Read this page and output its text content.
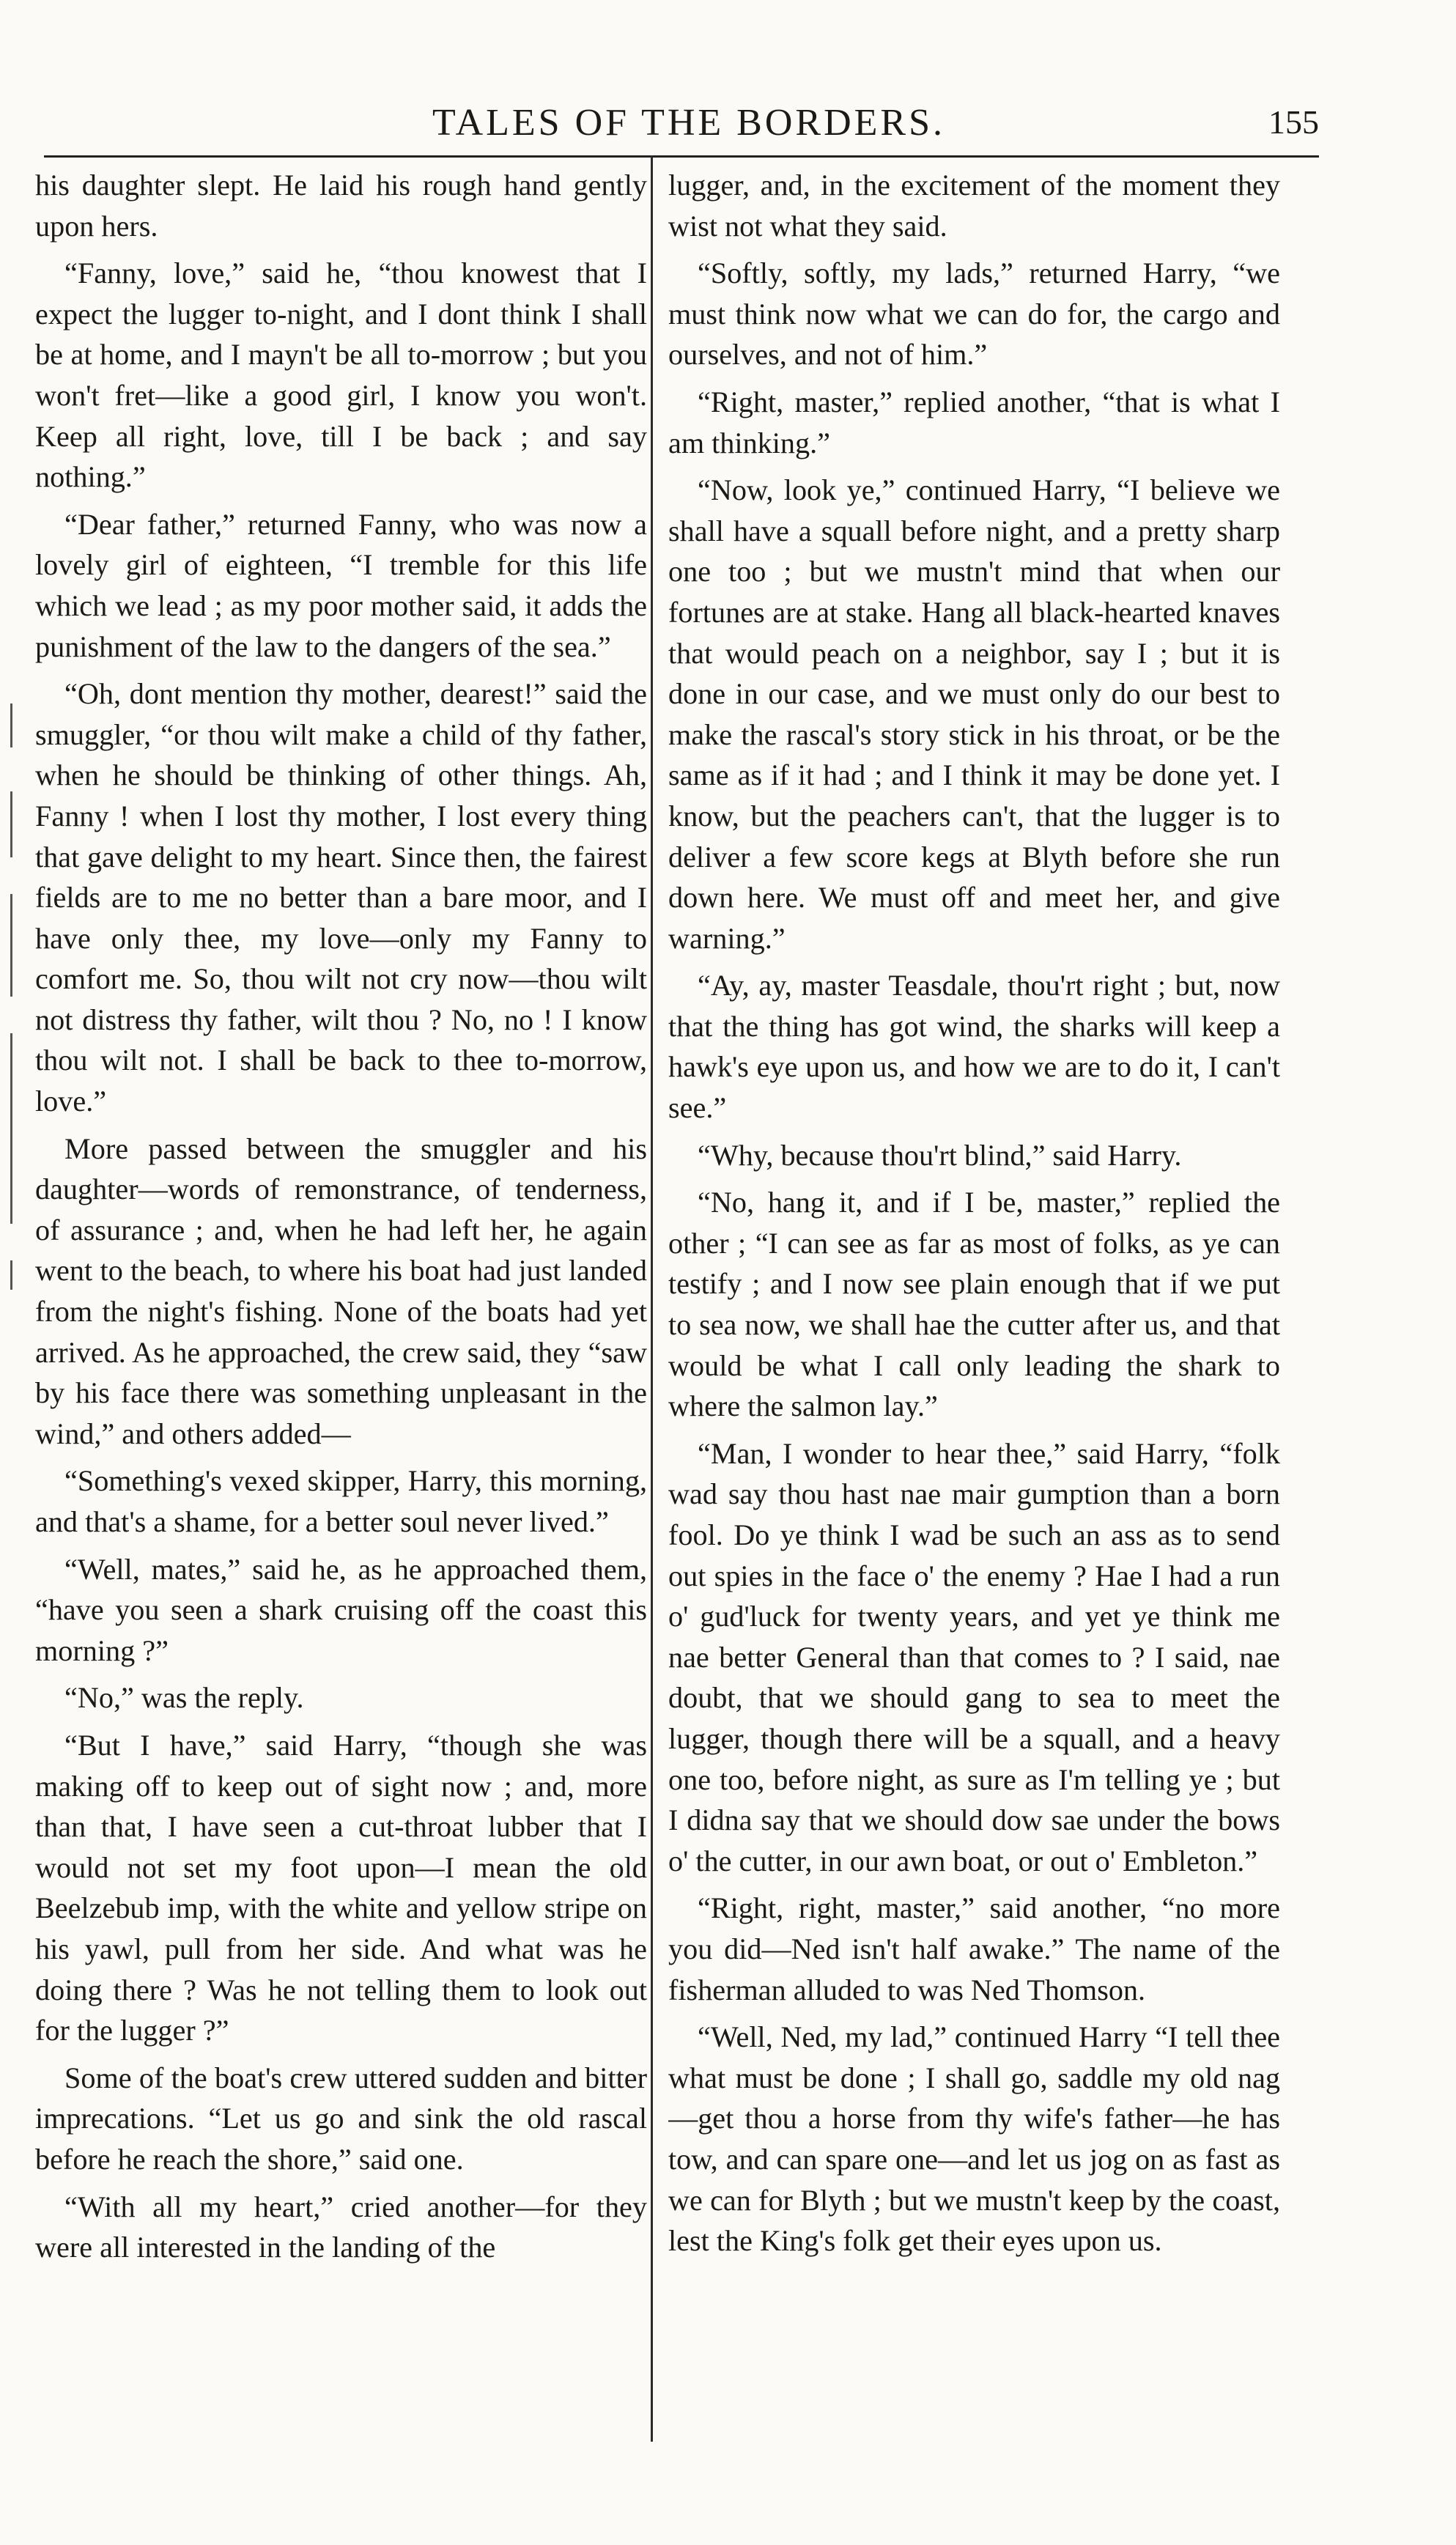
TALES OF THE BORDERS.	155

his daughter slept. He laid his rough hand gently upon hers.

“Fanny, love,” said he, “thou knowest that I expect the lugger to-night, and I dont think I shall be at home, and I mayn't be all to-morrow ; but you won't fret—like a good girl, I know you won't. Keep all right, love, till I be back ; and say nothing.”

“Dear father,” returned Fanny, who was now a lovely girl of eighteen, “I tremble for this life which we lead ; as my poor mother said, it adds the punishment of the law to the dangers of the sea.”

“Oh, dont mention thy mother, dearest!” said the smuggler, “or thou wilt make a child of thy father, when he should be thinking of other things. Ah, Fanny ! when I lost thy mother, I lost every thing that gave delight to my heart. Since then, the fairest fields are to me no better than a bare moor, and I have only thee, my love—only my Fanny to comfort me. So, thou wilt not cry now—thou wilt not distress thy father, wilt thou ? No, no ! I know thou wilt not. I shall be back to thee to-morrow, love.”

More passed between the smuggler and his daughter—words of remonstrance, of tenderness, of assurance ; and, when he had left her, he again went to the beach, to where his boat had just landed from the night's fishing. None of the boats had yet arrived. As he approached, the crew said, they “saw by his face there was something unpleasant in the wind,” and others added—

“Something's vexed skipper, Harry, this morning, and that's a shame, for a better soul never lived.”

“Well, mates,” said he, as he approached them, “have you seen a shark cruising off the coast this morning ?”

“No,” was the reply.

“But I have,” said Harry, “though she was making off to keep out of sight now ; and, more than that, I have seen a cut-throat lubber that I would not set my foot upon—I mean the old Beelzebub imp, with the white and yellow stripe on his yawl, pull from her side. And what was he doing there ? Was he not telling them to look out for the lugger ?”

Some of the boat's crew uttered sudden and bitter imprecations. “Let us go and sink the old rascal before he reach the shore,” said one.

“With all my heart,” cried another—for they were all interested in the landing of the

lugger, and, in the excitement of the moment they wist not what they said.

“Softly, softly, my lads,” returned Harry, “we must think now what we can do for, the cargo and ourselves, and not of him.”

“Right, master,” replied another, “that is what I am thinking.”

“Now, look ye,” continued Harry, “I believe we shall have a squall before night, and a pretty sharp one too ; but we mustn't mind that when our fortunes are at stake. Hang all black-hearted knaves that would peach on a neighbor, say I ; but it is done in our case, and we must only do our best to make the rascal's story stick in his throat, or be the same as if it had ; and I think it may be done yet. I know, but the peachers can't, that the lugger is to deliver a few score kegs at Blyth before she run down here. We must off and meet her, and give warning.”

“Ay, ay, master Teasdale, thou'rt right ; but, now that the thing has got wind, the sharks will keep a hawk's eye upon us, and how we are to do it, I can't see.”

“Why, because thou'rt blind,” said Harry.

“No, hang it, and if I be, master,” replied the other ; “I can see as far as most of folks, as ye can testify ; and I now see plain enough that if we put to sea now, we shall hae the cutter after us, and that would be what I call only leading the shark to where the salmon lay.”

“Man, I wonder to hear thee,” said Harry, “folk wad say thou hast nae mair gumption than a born fool. Do ye think I wad be such an ass as to send out spies in the face o' the enemy ? Hae I had a run o' gud'luck for twenty years, and yet ye think me nae better General than that comes to ? I said, nae doubt, that we should gang to sea to meet the lugger, though there will be a squall, and a heavy one too, before night, as sure as I'm telling ye ; but I didna say that we should dow sae under the bows o' the cutter, in our awn boat, or out o' Embleton.”

“Right, right, master,” said another, “no more you did—Ned isn't half awake.” The name of the fisherman alluded to was Ned Thomson.

“Well, Ned, my lad,” continued Harry “I tell thee what must be done ; I shall go, saddle my old nag—get thou a horse from thy wife's father—he has tow, and can spare one—and let us jog on as fast as we can for Blyth ; but we mustn't keep by the coast, lest the King's folk get their eyes upon us.
